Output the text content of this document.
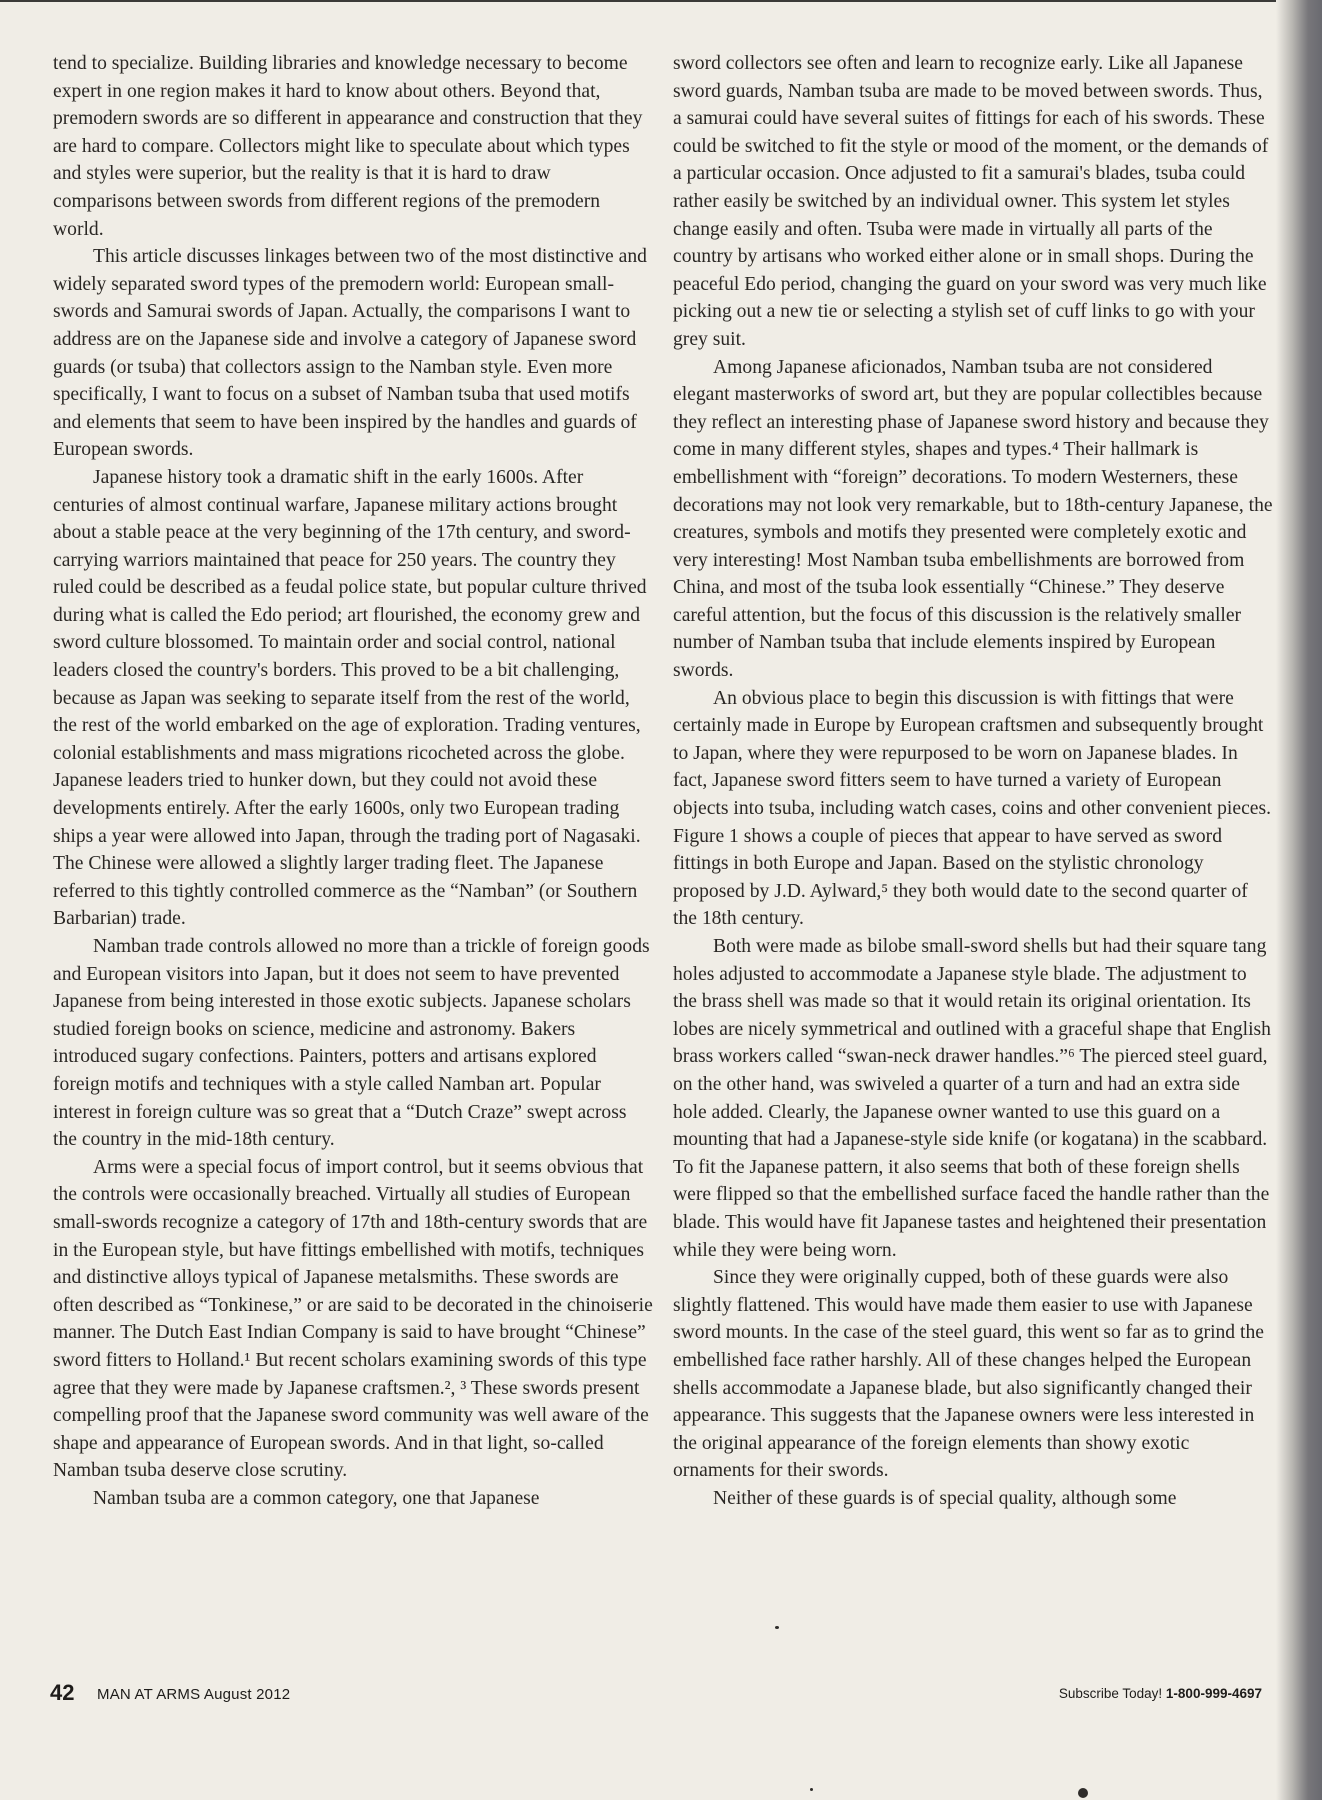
tend to specialize. Building libraries and knowledge necessary to become expert in one region makes it hard to know about others. Beyond that, premodern swords are so different in appearance and construction that they are hard to compare. Collectors might like to speculate about which types and styles were superior, but the reality is that it is hard to draw comparisons between swords from different regions of the premodern world.

This article discusses linkages between two of the most distinctive and widely separated sword types of the premodern world: European small-swords and Samurai swords of Japan. Actually, the comparisons I want to address are on the Japanese side and involve a category of Japanese sword guards (or tsuba) that collectors assign to the Namban style. Even more specifically, I want to focus on a subset of Namban tsuba that used motifs and elements that seem to have been inspired by the handles and guards of European swords.

Japanese history took a dramatic shift in the early 1600s. After centuries of almost continual warfare, Japanese military actions brought about a stable peace at the very beginning of the 17th century, and sword-carrying warriors maintained that peace for 250 years. The country they ruled could be described as a feudal police state, but popular culture thrived during what is called the Edo period; art flourished, the economy grew and sword culture blossomed. To maintain order and social control, national leaders closed the country's borders. This proved to be a bit challenging, because as Japan was seeking to separate itself from the rest of the world, the rest of the world embarked on the age of exploration. Trading ventures, colonial establishments and mass migrations ricocheted across the globe. Japanese leaders tried to hunker down, but they could not avoid these developments entirely. After the early 1600s, only two European trading ships a year were allowed into Japan, through the trading port of Nagasaki. The Chinese were allowed a slightly larger trading fleet. The Japanese referred to this tightly controlled commerce as the “Namban” (or Southern Barbarian) trade.

Namban trade controls allowed no more than a trickle of foreign goods and European visitors into Japan, but it does not seem to have prevented Japanese from being interested in those exotic subjects. Japanese scholars studied foreign books on science, medicine and astronomy. Bakers introduced sugary confections. Painters, potters and artisans explored foreign motifs and techniques with a style called Namban art. Popular interest in foreign culture was so great that a “Dutch Craze” swept across the country in the mid-18th century.

Arms were a special focus of import control, but it seems obvious that the controls were occasionally breached. Virtually all studies of European small-swords recognize a category of 17th and 18th-century swords that are in the European style, but have fittings embellished with motifs, techniques and distinctive alloys typical of Japanese metalsmiths. These swords are often described as “Tonkinese,” or are said to be decorated in the chinoiserie manner. The Dutch East Indian Company is said to have brought “Chinese” sword fitters to Holland.¹ But recent scholars examining swords of this type agree that they were made by Japanese craftsmen.², ³ These swords present compelling proof that the Japanese sword community was well aware of the shape and appearance of European swords. And in that light, so-called Namban tsuba deserve close scrutiny.

Namban tsuba are a common category, one that Japanese

sword collectors see often and learn to recognize early. Like all Japanese sword guards, Namban tsuba are made to be moved between swords. Thus, a samurai could have several suites of fittings for each of his swords. These could be switched to fit the style or mood of the moment, or the demands of a particular occasion. Once adjusted to fit a samurai's blades, tsuba could rather easily be switched by an individual owner. This system let styles change easily and often. Tsuba were made in virtually all parts of the country by artisans who worked either alone or in small shops. During the peaceful Edo period, changing the guard on your sword was very much like picking out a new tie or selecting a stylish set of cuff links to go with your grey suit.

Among Japanese aficionados, Namban tsuba are not considered elegant masterworks of sword art, but they are popular collectibles because they reflect an interesting phase of Japanese sword history and because they come in many different styles, shapes and types.⁴ Their hallmark is embellishment with “foreign” decorations. To modern Westerners, these decorations may not look very remarkable, but to 18th-century Japanese, the creatures, symbols and motifs they presented were completely exotic and very interesting! Most Namban tsuba embellishments are borrowed from China, and most of the tsuba look essentially “Chinese.” They deserve careful attention, but the focus of this discussion is the relatively smaller number of Namban tsuba that include elements inspired by European swords.

An obvious place to begin this discussion is with fittings that were certainly made in Europe by European craftsmen and subsequently brought to Japan, where they were repurposed to be worn on Japanese blades. In fact, Japanese sword fitters seem to have turned a variety of European objects into tsuba, including watch cases, coins and other convenient pieces. Figure 1 shows a couple of pieces that appear to have served as sword fittings in both Europe and Japan. Based on the stylistic chronology proposed by J.D. Aylward,⁵ they both would date to the second quarter of the 18th century.

Both were made as bilobe small-sword shells but had their square tang holes adjusted to accommodate a Japanese style blade. The adjustment to the brass shell was made so that it would retain its original orientation. Its lobes are nicely symmetrical and outlined with a graceful shape that English brass workers called “swan-neck drawer handles.”⁶ The pierced steel guard, on the other hand, was swiveled a quarter of a turn and had an extra side hole added. Clearly, the Japanese owner wanted to use this guard on a mounting that had a Japanese-style side knife (or kogatana) in the scabbard. To fit the Japanese pattern, it also seems that both of these foreign shells were flipped so that the embellished surface faced the handle rather than the blade. This would have fit Japanese tastes and heightened their presentation while they were being worn.

Since they were originally cupped, both of these guards were also slightly flattened. This would have made them easier to use with Japanese sword mounts. In the case of the steel guard, this went so far as to grind the embellished face rather harshly. All of these changes helped the European shells accommodate a Japanese blade, but also significantly changed their appearance. This suggests that the Japanese owners were less interested in the original appearance of the foreign elements than showy exotic ornaments for their swords.

Neither of these guards is of special quality, although some

42 MAN AT ARMS August 2012	Subscribe Today! 1-800-999-4697
